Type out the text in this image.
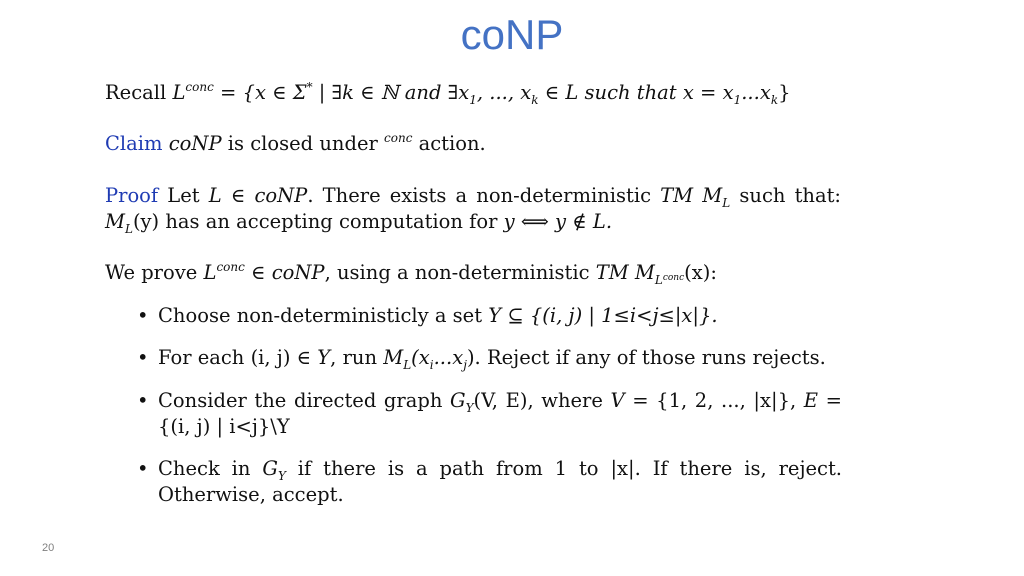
coNP
Recall $L^{conc} = \{x$ ∈ Σ* | ∃k ∈ ℕ and $\exists x_1$, ..., $x_k$ ∈ L such that $x = x_1...x_k$}
Claim coNP is closed under $^{conc}$ action.
Proof Let L ∈ coNP. There exists a non-deterministic TM $M_L$ such that: $M_L(y)$ has an accepting computation for y ⟺ y ∉ L.
We prove $L^{conc}$ ∈ coNP, using a non-deterministic TM $M_{L^{conc}}(x)$:
• Choose non-deterministicly a set Y ⊆ {(i, j) | 1≤i<j≤|x|}.
• For each (i, j) ∈ Y, run $M_L(x_i...x_j)$. Reject if any of those runs rejects.
• Consider the directed graph $G_Y(V$, E), where V = {1, 2, ..., |x|}, E = {(i, j) | i<j}\Y
• Check in $G_Y$ if there is a path from 1 to |x|. If there is, reject. Otherwise, accept.
20
